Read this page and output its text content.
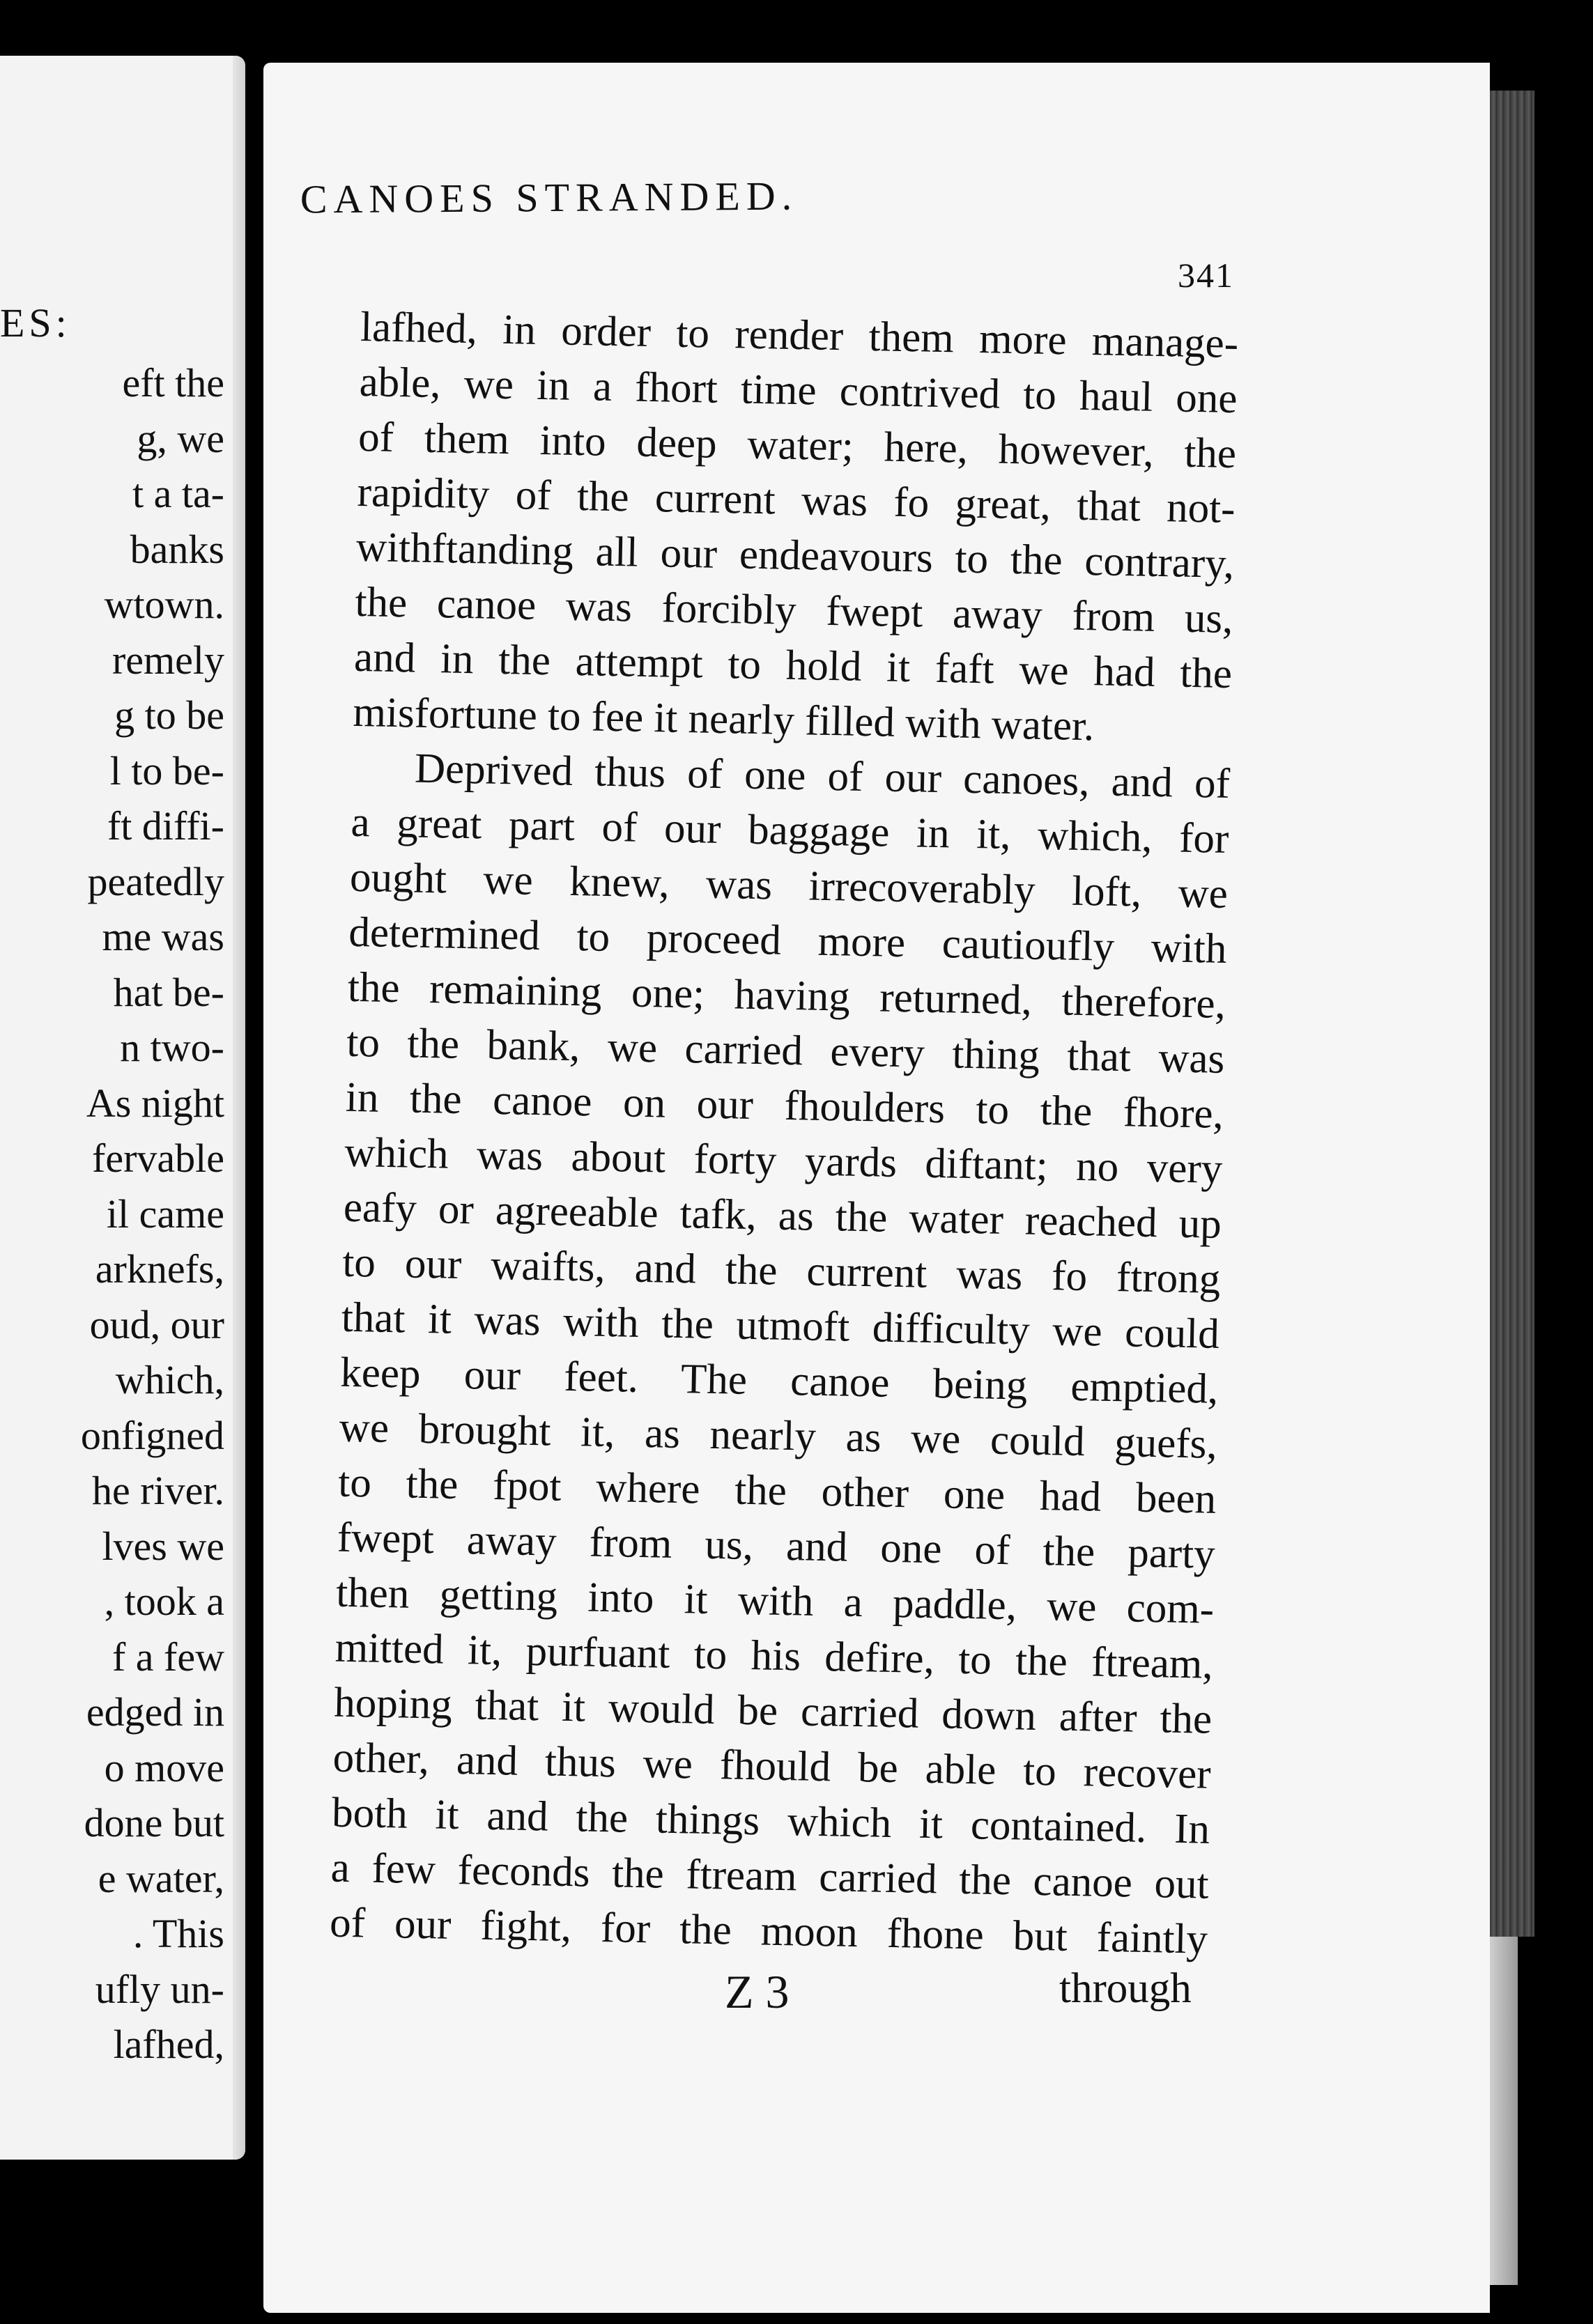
ES:
eft the
g, we
t a ta-
banks
wtown.
remely
g to be
l to be-
ft diffi-
peatedly
me was
hat be-
n two-
As night
fervable
il came
arknefs,
oud, our
which,
onfigned
he river.
lves we
, took a
f a few
edged in
o move
done but
e water,
. This
ufly un-
lafhed,
CANOES STRANDED.
341
lafhed, in order to render them more manage-
able, we in a fhort time contrived to haul one
of them into deep water; here, however, the
rapidity of the current was fo great, that not-
withftanding all our endeavours to the contrary,
the canoe was forcibly fwept away from us,
and in the attempt to hold it faft we had the
misfortune to fee it nearly filled with water.
Deprived thus of one of our canoes, and of
a great part of our baggage in it, which, for
ought we knew, was irrecoverably loft, we
determined to proceed more cautioufly with
the remaining one; having returned, therefore,
to the bank, we carried every thing that was
in the canoe on our fhoulders to the fhore,
which was about forty yards diftant; no very
eafy or agreeable tafk, as the water reached up
to our waifts, and the current was fo ftrong
that it was with the utmoft difficulty we could
keep our feet. The canoe being emptied,
we brought it, as nearly as we could guefs,
to the fpot where the other one had been
fwept away from us, and one of the party
then getting into it with a paddle, we com-
mitted it, purfuant to his defire, to the ftream,
hoping that it would be carried down after the
other, and thus we fhould be able to recover
both it and the things which it contained. In
a few feconds the ftream carried the canoe out
of our fight, for the moon fhone but faintly
Z 3	through
